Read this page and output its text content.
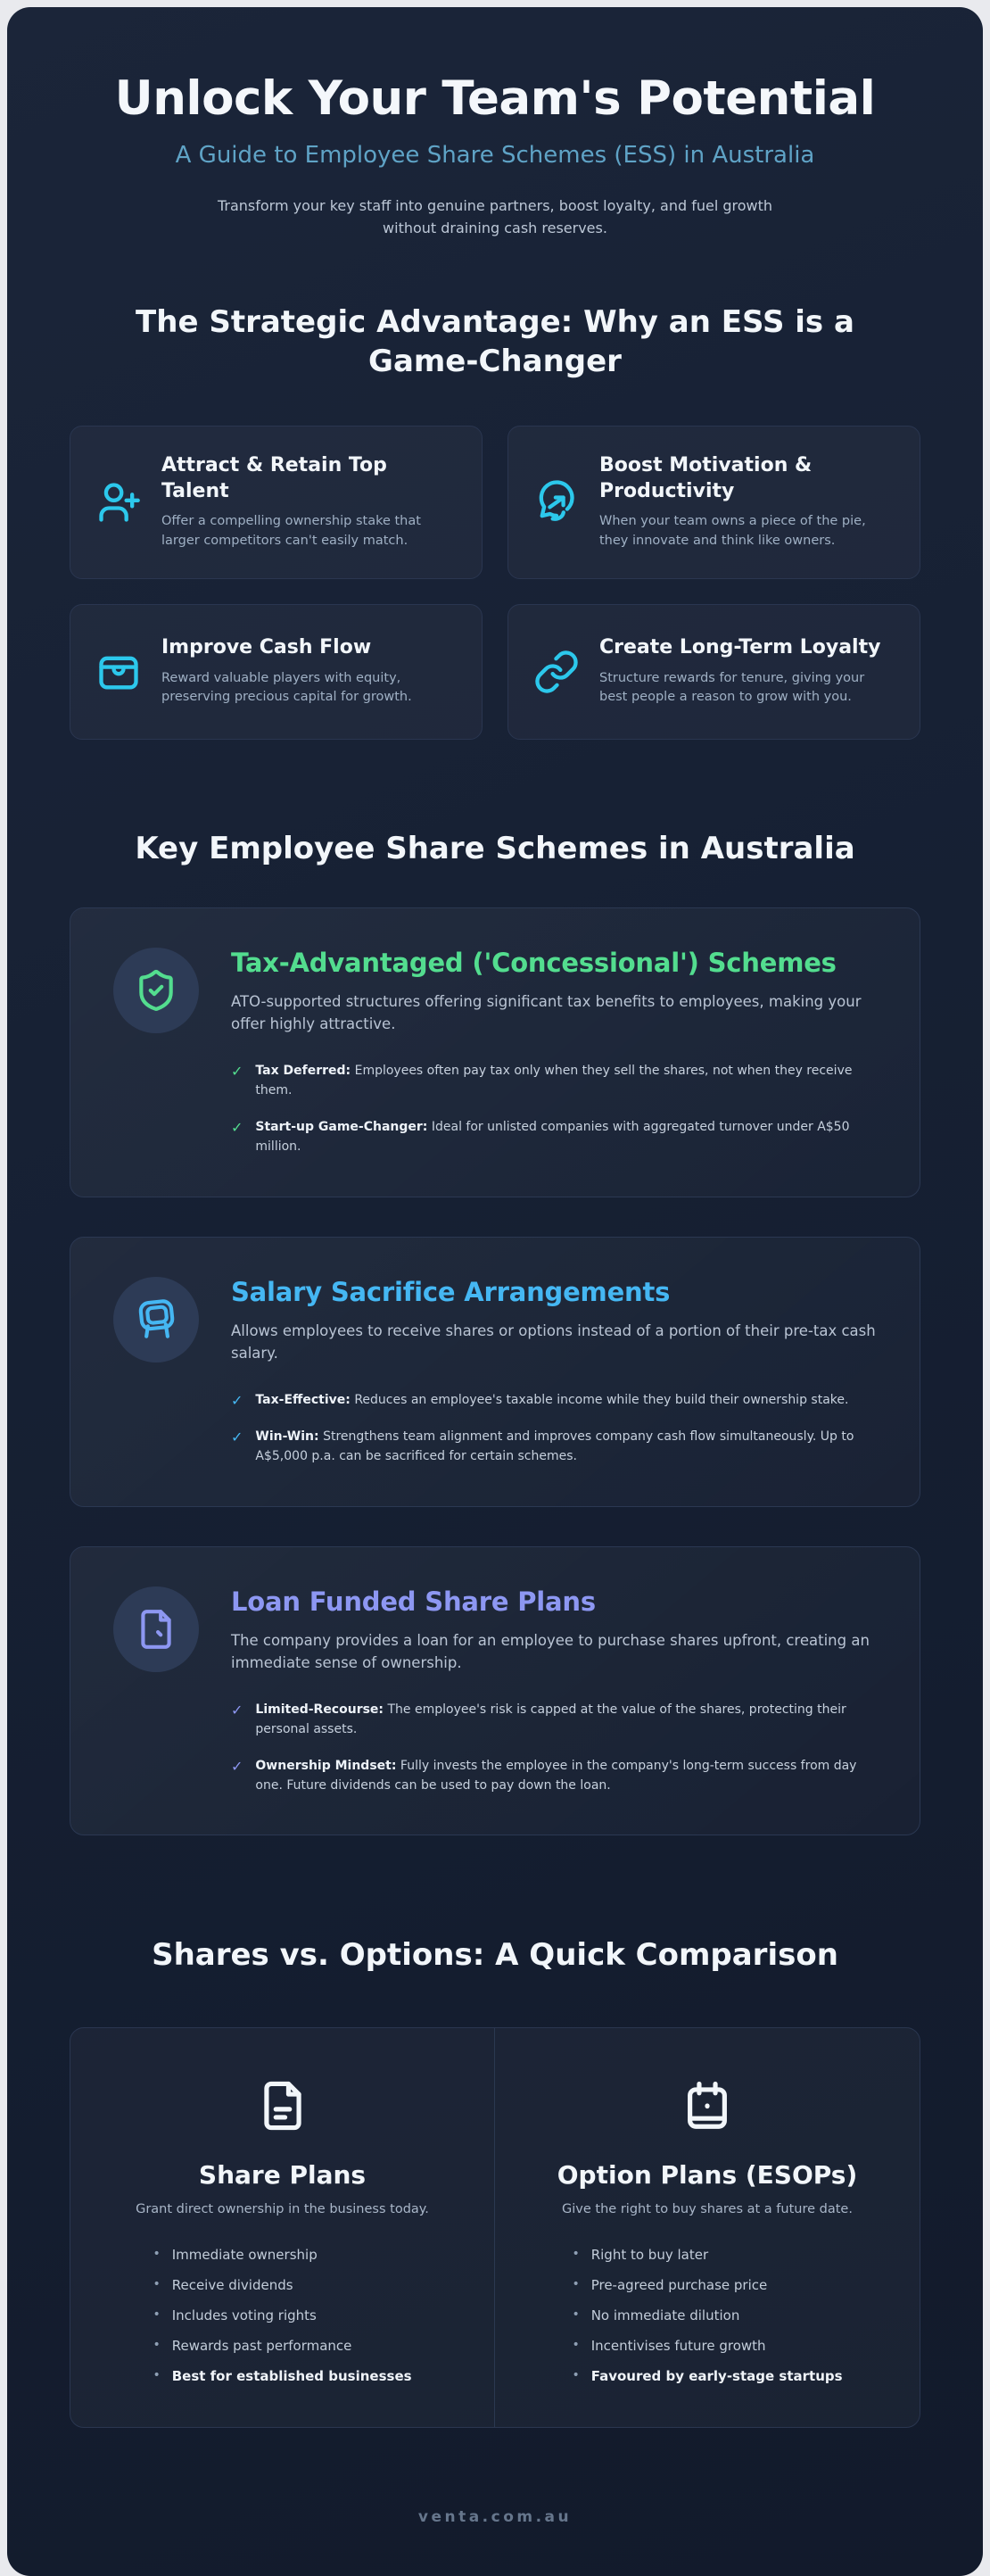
Unlock Your Team's Potential
A Guide to Employee Share Schemes (ESS) in Australia

Transform your key staff into genuine partners, boost loyalty, and fuel growth without draining cash reserves.

The Strategic Advantage: Why an ESS is a Game-Changer
Attract & Retain Top Talent

Offer a compelling ownership stake that larger competitors can't easily match.

Boost Motivation & Productivity

When your team owns a piece of the pie, they innovate and think like owners.

Improve Cash Flow

Reward valuable players with equity, preserving precious capital for growth.

Create Long-Term Loyalty

Structure rewards for tenure, giving your best people a reason to grow with you.

Key Employee Share Schemes in Australia
Tax-Advantaged ('Concessional') Schemes

ATO-supported structures offering significant tax benefits to employees, making your offer highly attractive.

✓ Tax Deferred: Employees often pay tax only when they sell the shares, not when they receive them.

✓ Start-up Game-Changer: Ideal for unlisted companies with aggregated turnover under A$50 million.

Salary Sacrifice Arrangements

Allows employees to receive shares or options instead of a portion of their pre-tax cash salary.

✓ Tax-Effective: Reduces an employee's taxable income while they build their ownership stake.

✓ Win-Win: Strengthens team alignment and improves company cash flow simultaneously. Up to A$5,000 p.a. can be sacrificed for certain schemes.

Loan Funded Share Plans

The company provides a loan for an employee to purchase shares upfront, creating an immediate sense of ownership.

✓ Limited-Recourse: The employee's risk is capped at the value of the shares, protecting their personal assets.

✓ Ownership Mindset: Fully invests the employee in the company's long-term success from day one. Future dividends can be used to pay down the loan.

Shares vs. Options: A Quick Comparison
Share Plans

Grant direct ownership in the business today.

• Immediate ownership
• Receive dividends
• Includes voting rights
• Rewards past performance
• Best for established businesses
Option Plans (ESOPs)

Give the right to buy shares at a future date.

• Right to buy later
• Pre-agreed purchase price
• No immediate dilution
• Incentivises future growth
• Favoured by early-stage startups
venta.com.au
